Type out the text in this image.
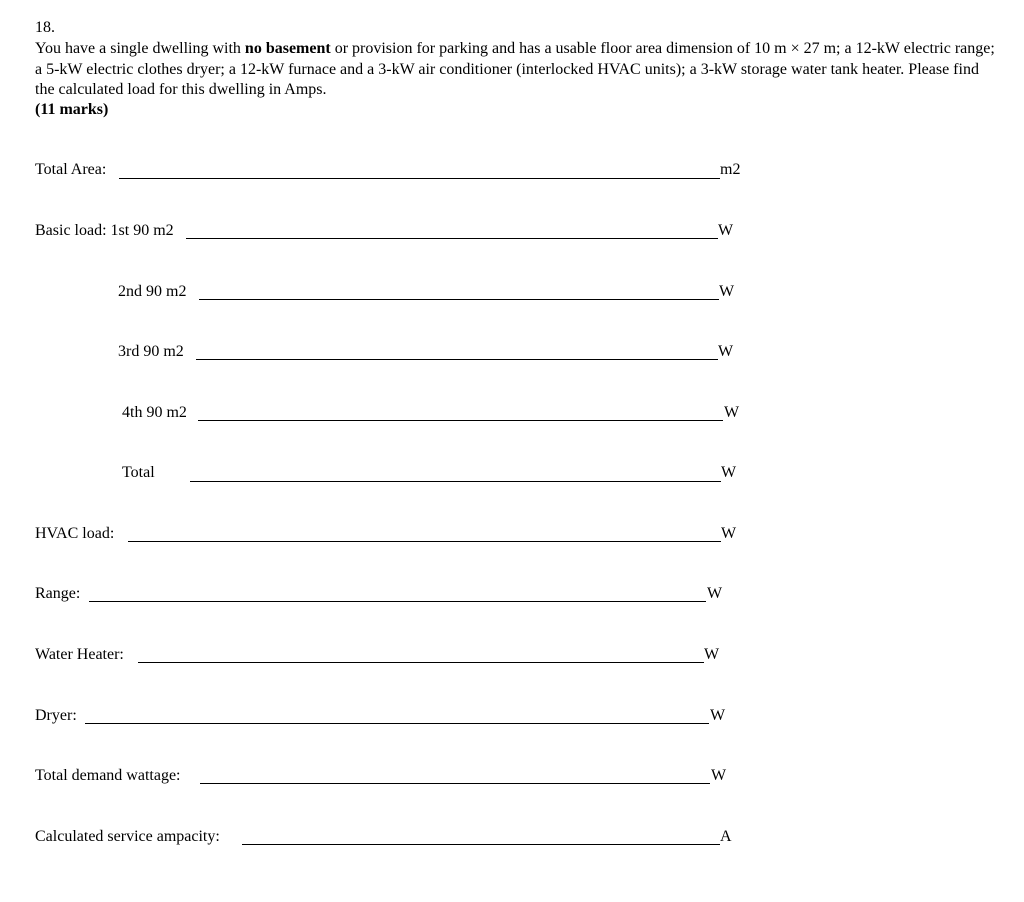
18.
You have a single dwelling with no basement or provision for parking and has a usable floor area dimension of 10 m × 27 m; a 12-kW electric range; a 5-kW electric clothes dryer; a 12-kW furnace and a 3-kW air conditioner (interlocked HVAC units); a 3-kW storage water tank heater. Please find the calculated load for this dwelling in Amps.
(11 marks)
Total Area:	m2
Basic load: 1st 90 m2	W
2nd 90 m2	W
3rd 90 m2	W
4th 90 m2	W
Total	W
HVAC load:	W
Range:	W
Water Heater:	W
Dryer:	W
Total demand wattage:	W
Calculated service ampacity:	A
